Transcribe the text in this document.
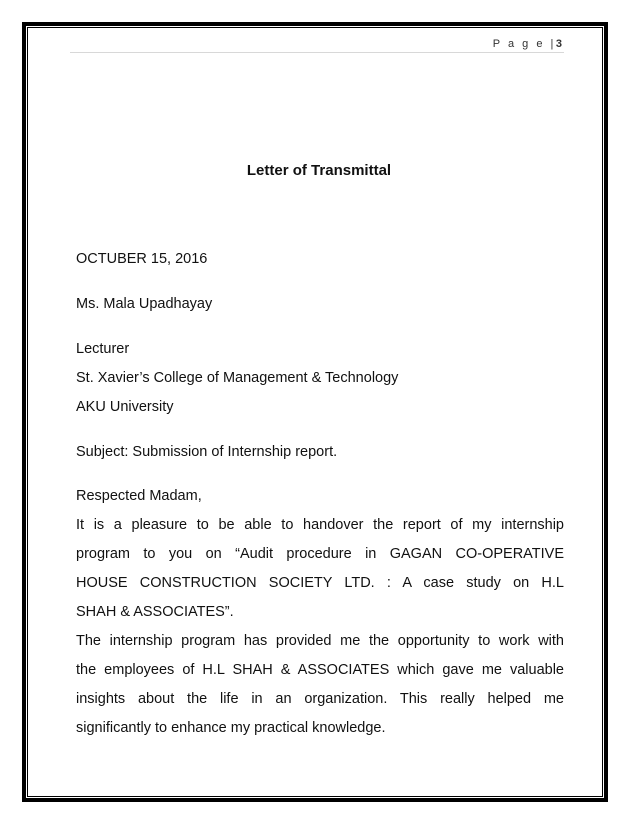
P a g e |3
Letter of Transmittal
OCTUBER 15, 2016
Ms. Mala Upadhayay
Lecturer
St. Xavier’s College of Management & Technology
AKU University
Subject: Submission of Internship report.
Respected Madam,
It is a pleasure to be able to handover the report of my internship
program to you on “Audit procedure in GAGAN CO-OPERATIVE
HOUSE CONSTRUCTION SOCIETY LTD. : A case study on H.L
SHAH & ASSOCIATES”.
The internship program has provided me the opportunity to work with
the employees of H.L SHAH & ASSOCIATES which gave me valuable
insights about the life in an organization. This really helped me
significantly to enhance my practical knowledge.
